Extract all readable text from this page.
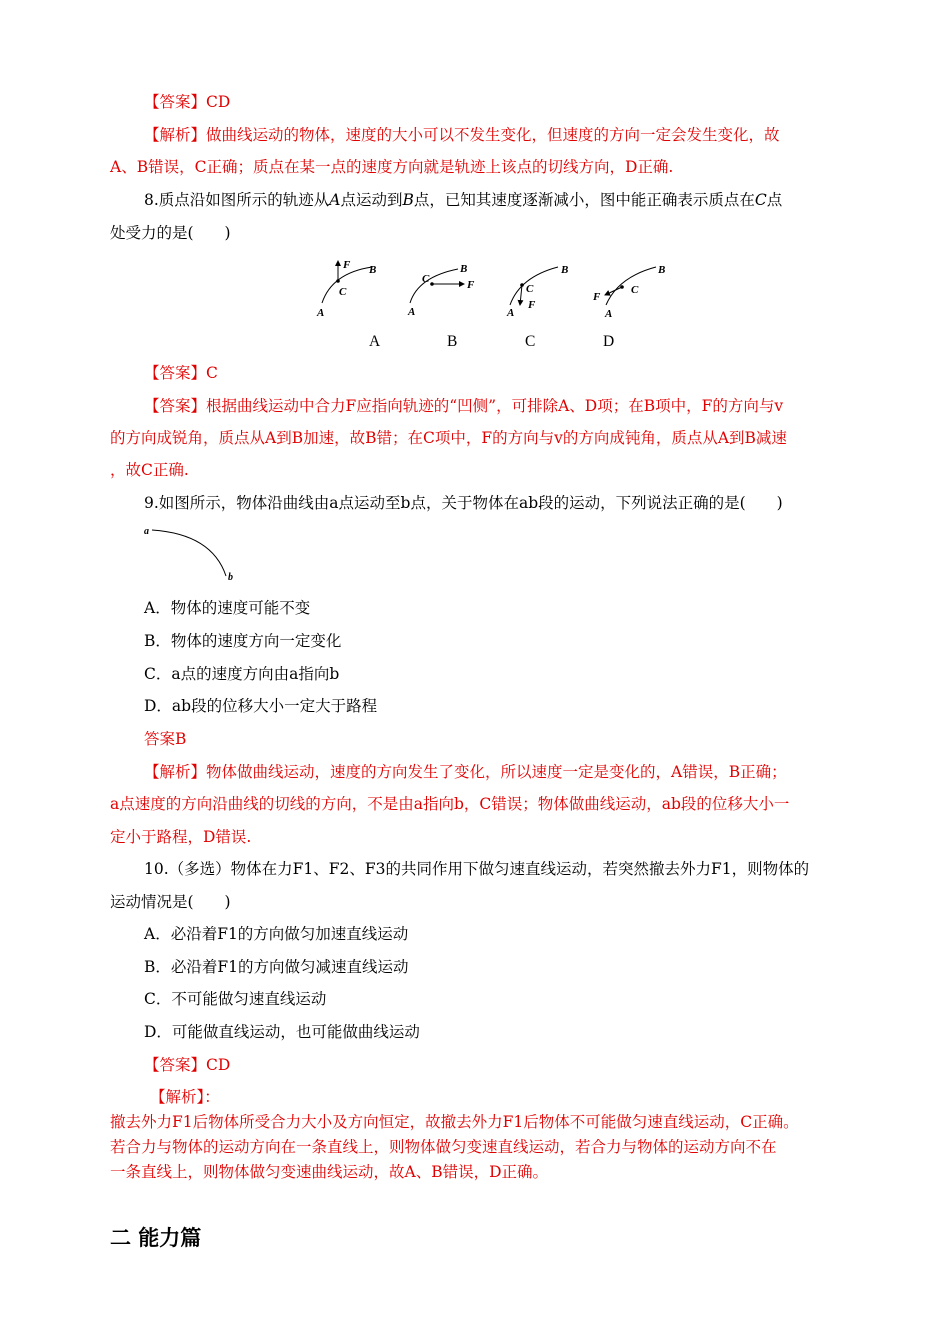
【答案】CD
【解析】做曲线运动的物体，速度的大小可以不发生变化，但速度的方向一定会发生变化，故
A、B错误，C正确；质点在某一点的速度方向就是轨迹上该点的切线方向，D正确.
8.质点沿如图所示的轨迹从A点运动到B点，已知其速度逐渐减小，图中能正确表示质点在C点
处受力的是(　　)
F B
C
A
F
B
C
A
B
C
F
A
F
B
C
A
A	B	C	D
【答案】C
【答案】根据曲线运动中合力F应指向轨迹的“凹侧”，可排除A、D项；在B项中，F的方向与v
的方向成锐角，质点从A到B加速，故B错；在C项中，F的方向与v的方向成钝角，质点从A到B减速
，故C正确.
9.如图所示，物体沿曲线由a点运动至b点，关于物体在ab段的运动，下列说法正确的是(　　)
a
b
A．物体的速度可能不变
B．物体的速度方向一定变化
C．a点的速度方向由a指向b
D．ab段的位移大小一定大于路程
答案B
【解析】物体做曲线运动，速度的方向发生了变化，所以速度一定是变化的，A错误，B正确；
a点速度的方向沿曲线的切线的方向，不是由a指向b，C错误；物体做曲线运动，ab段的位移大小一
定小于路程，D错误.
10.（多选）物体在力F1、F2、F3的共同作用下做匀速直线运动，若突然撤去外力F1，则物体的
运动情况是(　　)
A．必沿着F1的方向做匀加速直线运动
B．必沿着F1的方向做匀减速直线运动
C．不可能做匀速直线运动
D．可能做直线运动，也可能做曲线运动
【答案】CD
【解析】：
撤去外力F1后物体所受合力大小及方向恒定，故撤去外力F1后物体不可能做匀速直线运动，C正确。
若合力与物体的运动方向在一条直线上，则物体做匀变速直线运动，若合力与物体的运动方向不在
一条直线上，则物体做匀变速曲线运动，故A、B错误，D正确。
二 能力篇
